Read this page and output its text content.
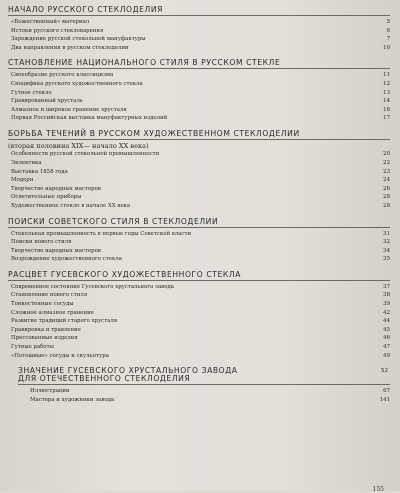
НАЧАЛО РУССКОГО СТЕКЛОДЕЛИЯ
«Божественный» материал	5
Истоки русского стекловарения	6
Зарождение русской стекольной мануфактуры	7
Два направления в русском стеклоделии	10
СТАНОВЛЕНИЕ НАЦИОНАЛЬНОГО СТИЛЯ В РУССКОМ СТЕКЛЕ
Своеобразие русского классицизма	11
Специфика русского художественного стекла	12
Гутное стекло	13
Гравированный хрусталь	14
Алмазное и широкое гранение хрусталя	16
Первая Российская выставка мануфактурных изделий	17
БОРЬБА ТЕЧЕНИЙ В РУССКОМ ХУДОЖЕСТВЕННОМ СТЕКЛОДЕЛИИ
(вторая половина XIX— начало XX века)
Особенности русской стекольной промышленности	20
Эклектика	22
Выставка 1858 года	23
Модерн	24
Творчество народных мастеров	26
Осветительные приборы	28
Художественное стекло в начале XX века	28
ПОИСКИ СОВЕТСКОГО СТИЛЯ В СТЕКЛОДЕЛИИ
Стекольная промышленность в первые годы Советской власти	31
Поиски нового стиля	32
Творчество народных мастеров	34
Возрождение художественного стекла	35
РАСЦВЕТ ГУСЕВСКОГО ХУДОЖЕСТВЕННОГО СТЕКЛА
Современное состояние Гусевского хрустального завода	37
Становление нового стиля	38
Тонкостенные сосуды	39
Сложное алмазное гранение	42
Развитие традиций старого хрусталя	44
Гравировка и травление	45
Прессованные изделия	46
Гутные работы	47
«Потешные» сосуды и скульптура	49
ЗНАЧЕНИЕ ГУСЕВСКОГО ХРУСТАЛЬНОГО ЗАВОДА
ДЛЯ ОТЕЧЕСТВЕННОГО СТЕКЛОДЕЛИЯ
52
Иллюстрации	67
Мастера и художники завода	141
155
